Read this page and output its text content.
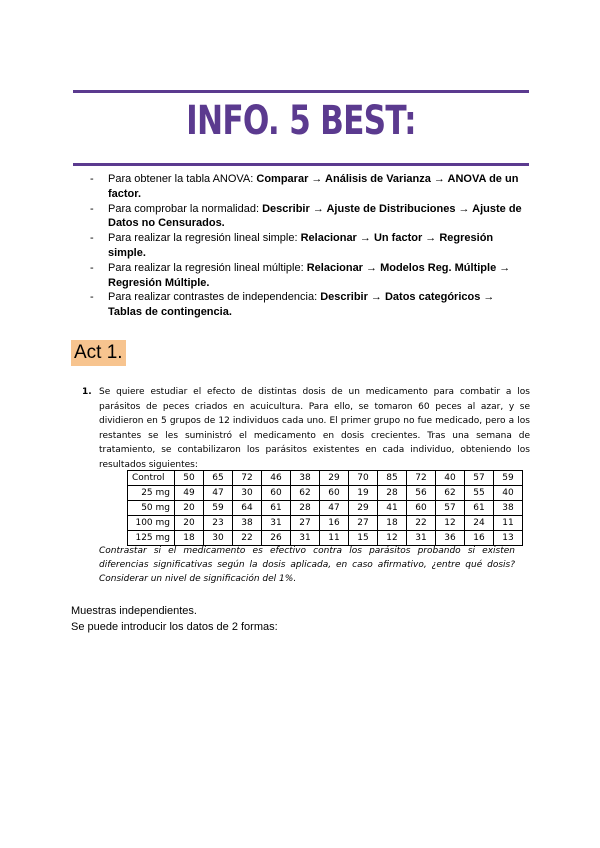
INFO. 5 BEST:
- Para obtener la tabla ANOVA: Comparar → Análisis de Varianza → ANOVA de un factor.
- Para comprobar la normalidad: Describir → Ajuste de Distribuciones → Ajuste de Datos no Censurados.
- Para realizar la regresión lineal simple: Relacionar → Un factor → Regresión simple.
- Para realizar la regresión lineal múltiple: Relacionar → Modelos Reg. Múltiple → Regresión Múltiple.
- Para realizar contrastes de independencia: Describir → Datos categóricos → Tablas de contingencia.
Act 1.
1. Se quiere estudiar el efecto de distintas dosis de un medicamento para combatir a los parásitos de peces criados en acuicultura. Para ello, se tomaron 60 peces al azar, y se dividieron en 5 grupos de 12 individuos cada uno. El primer grupo no fue medicado, pero a los restantes se les suministró el medicamento en dosis crecientes. Tras una semana de tratamiento, se contabilizaron los parásitos existentes en cada individuo, obteniendo los resultados siguientes:
Control	50	65	72	46	38	29	70	85	72	40	57	59
25 mg	49	47	30	60	62	60	19	28	56	62	55	40
50 mg	20	59	64	61	28	47	29	41	60	57	61	38
100 mg	20	23	38	31	27	16	27	18	22	12	24	11
125 mg	18	30	22	26	31	11	15	12	31	36	16	13
Contrastar si el medicamento es efectivo contra los parásitos probando si existen diferencias significativas según la dosis aplicada, en caso afirmativo, ¿entre qué dosis? Considerar un nivel de significación del 1%.
Muestras independientes.
Se puede introducir los datos de 2 formas:
